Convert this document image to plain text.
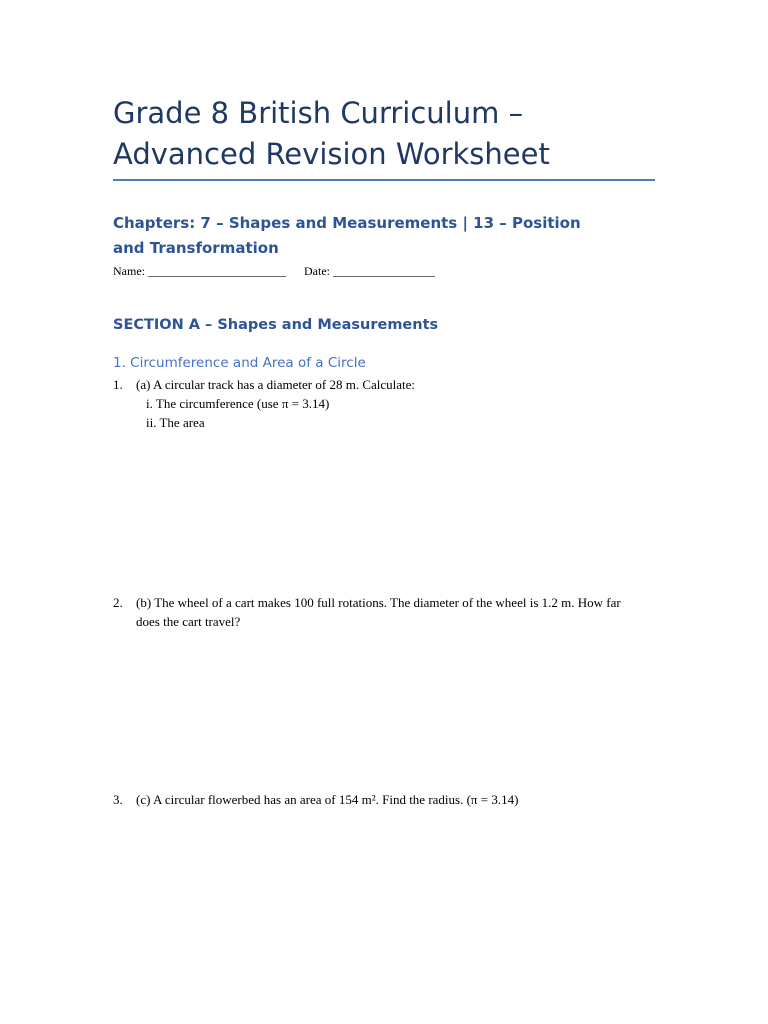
Grade 8 British Curriculum – Advanced Revision Worksheet
Chapters: 7 – Shapes and Measurements | 13 – Position and Transformation
Name: _______________________      Date: _________________
SECTION A – Shapes and Measurements
1. Circumference and Area of a Circle
1. (a) A circular track has a diameter of 28 m. Calculate:
i. The circumference (use π = 3.14)
ii. The area
2. (b) The wheel of a cart makes 100 full rotations. The diameter of the wheel is 1.2 m. How far does the cart travel?
3. (c) A circular flowerbed has an area of 154 m². Find the radius. (π = 3.14)
